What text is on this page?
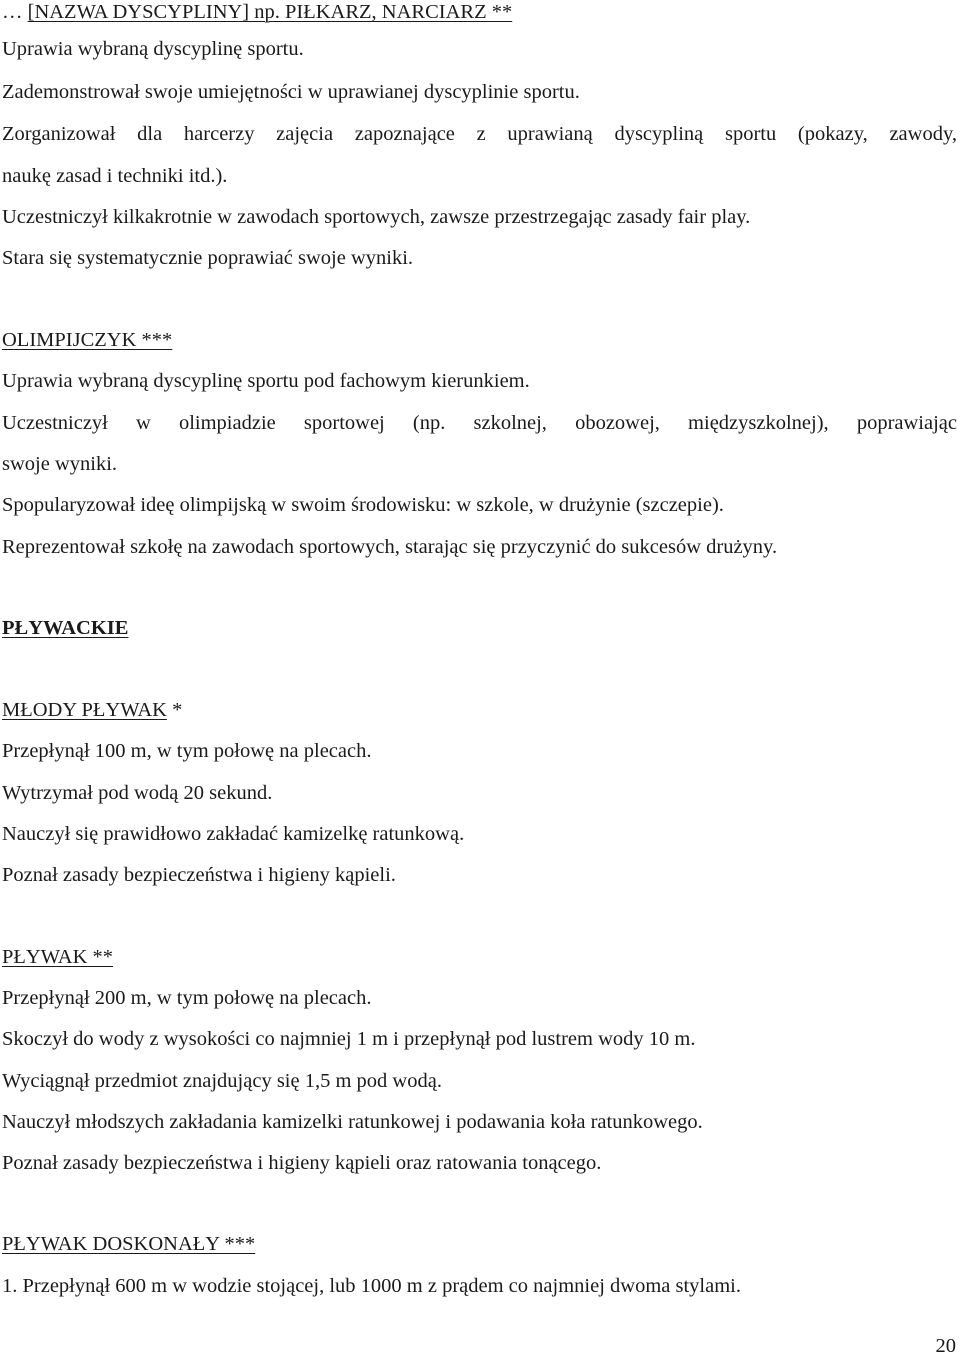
… [NAZWA DYSCYPLINY] np. PIŁKARZ, NARCIARZ **
Uprawia wybraną dyscyplinę sportu.
Zademonstrował swoje umiejętności w uprawianej dyscyplinie sportu.
Zorganizował dla harcerzy zajęcia zapoznające z uprawianą dyscypliną sportu (pokazy, zawody,
naukę zasad i techniki itd.).
Uczestniczył kilkakrotnie w zawodach sportowych, zawsze przestrzegając zasady fair play.
Stara się systematycznie poprawiać swoje wyniki.
OLIMPIJCZYK ***
Uprawia wybraną dyscyplinę sportu pod fachowym kierunkiem.
Uczestniczył w olimpiadzie sportowej (np. szkolnej, obozowej, międzyszkolnej), poprawiając
swoje wyniki.
Spopularyzował ideę olimpijską w swoim środowisku: w szkole, w drużynie (szczepie).
Reprezentował szkołę na zawodach sportowych, starając się przyczynić do sukcesów drużyny.
PŁYWACKIE
MŁODY PŁYWAK *
Przepłynął 100 m, w tym połowę na plecach.
Wytrzymał pod wodą 20 sekund.
Nauczył się prawidłowo zakładać kamizelkę ratunkową.
Poznał zasady bezpieczeństwa i higieny kąpieli.
PŁYWAK **
Przepłynął 200 m, w tym połowę na plecach.
Skoczył do wody z wysokości co najmniej 1 m i przepłynął pod lustrem wody 10 m.
Wyciągnął przedmiot znajdujący się 1,5 m pod wodą.
Nauczył młodszych zakładania kamizelki ratunkowej i podawania koła ratunkowego.
Poznał zasady bezpieczeństwa i higieny kąpieli oraz ratowania tonącego.
PŁYWAK DOSKONAŁY ***
1. Przepłynął 600 m w wodzie stojącej, lub 1000 m z prądem co najmniej dwoma stylami.
20
